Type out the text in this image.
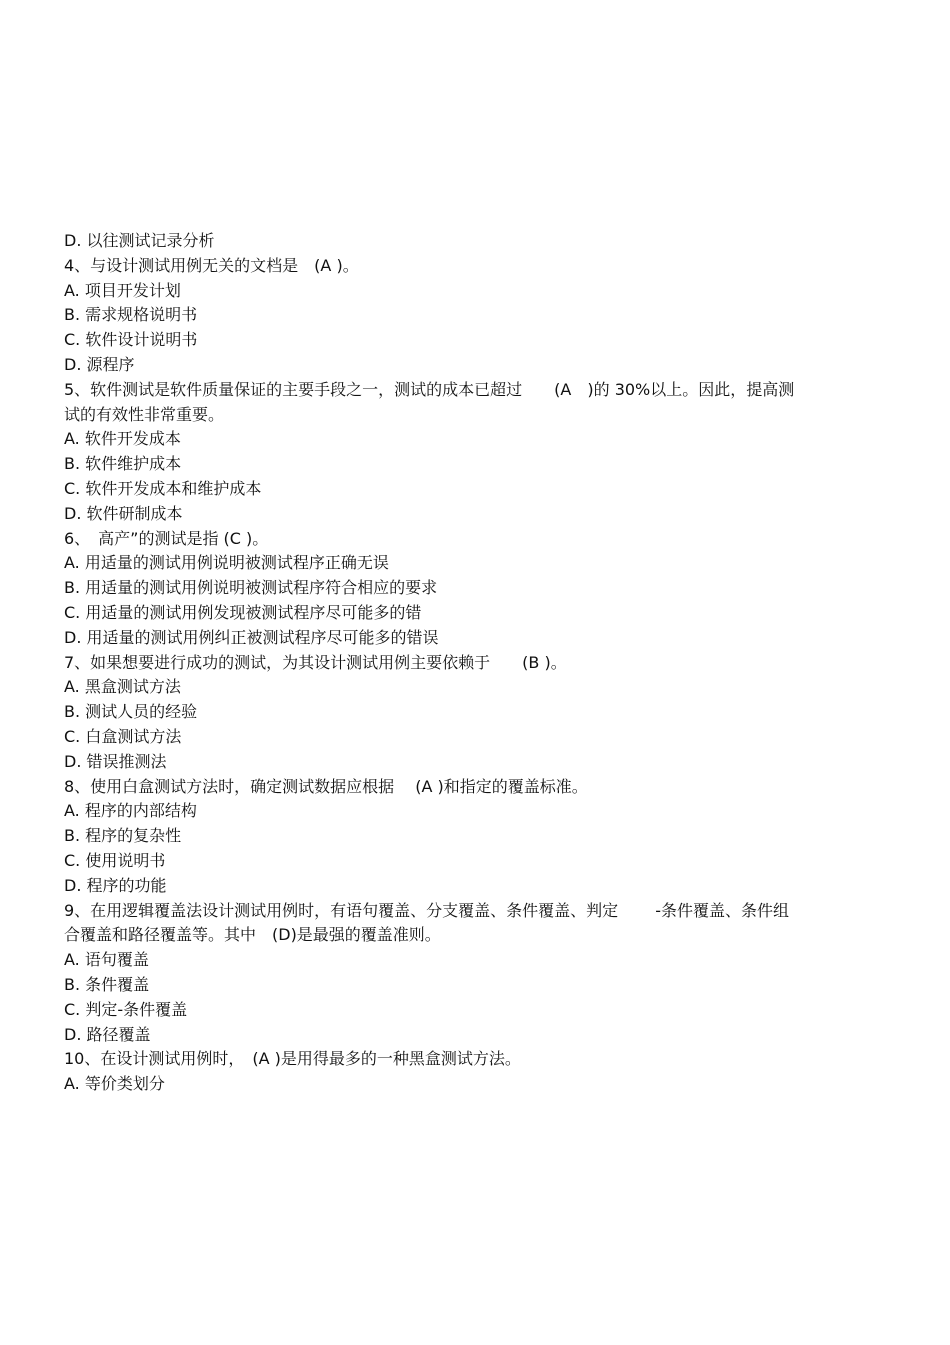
D. 以往测试记录分析
4、与设计测试用例无关的文档是　(A )。
A. 项目开发计划
B. 需求规格说明书
C. 软件设计说明书
D. 源程序
5、软件测试是软件质量保证的主要手段之一，测试的成本已超过　　(A　)的 30%以上。因此，提高测
试的有效性非常重要。
A. 软件开发成本
B. 软件维护成本
C. 软件开发成本和维护成本
D. 软件研制成本
6、　高产”的测试是指 (C )。
A. 用适量的测试用例说明被测试程序正确无误
B. 用适量的测试用例说明被测试程序符合相应的要求
C. 用适量的测试用例发现被测试程序尽可能多的错
D. 用适量的测试用例纠正被测试程序尽可能多的错误
7、如果想要进行成功的测试，为其设计测试用例主要依赖于　　(B )。
A. 黑盒测试方法
B. 测试人员的经验
C. 白盒测试方法
D. 错误推测法
8、使用白盒测试方法时，确定测试数据应根据　 (A )和指定的覆盖标准。
A. 程序的内部结构
B. 程序的复杂性
C. 使用说明书
D. 程序的功能
9、在用逻辑覆盖法设计测试用例时，有语句覆盖、分支覆盖、条件覆盖、判定　　 -条件覆盖、条件组
合覆盖和路径覆盖等。其中　(D)是最强的覆盖准则。
A. 语句覆盖
B. 条件覆盖
C. 判定-条件覆盖
D. 路径覆盖
10、在设计测试用例时，　(A )是用得最多的一种黑盒测试方法。
A. 等价类划分
